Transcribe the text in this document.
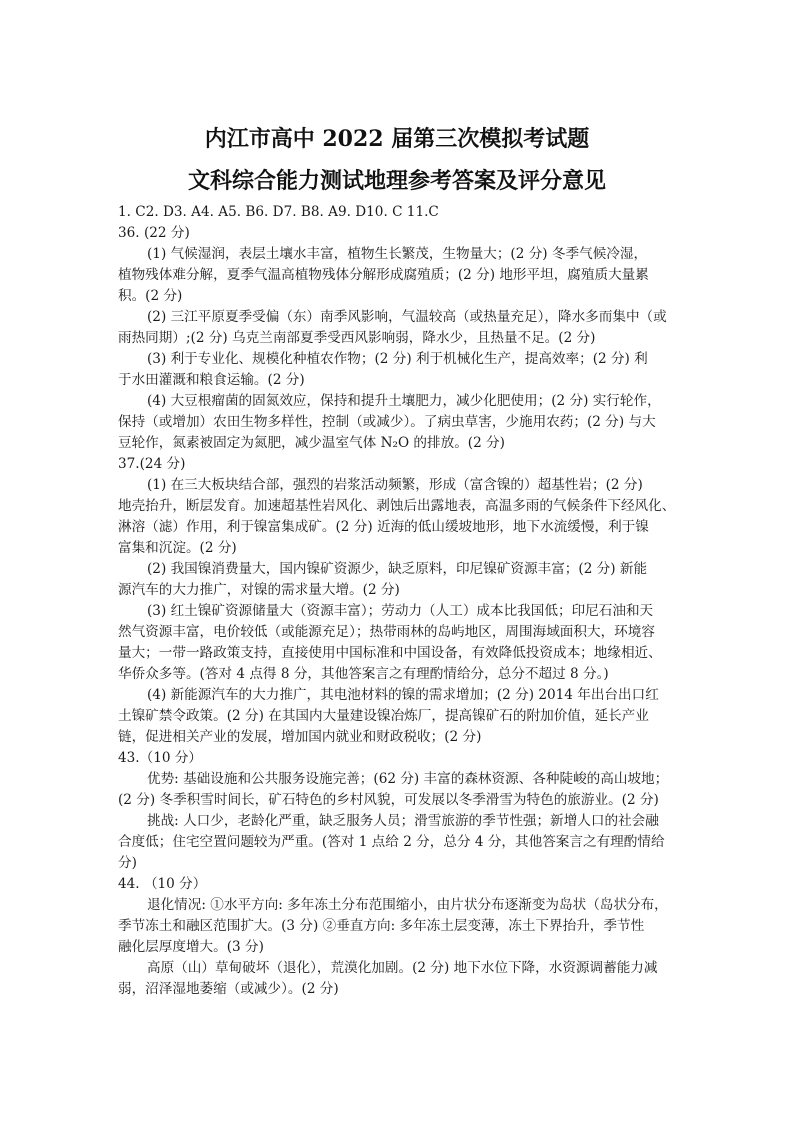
内江市高中 2022 届第三次模拟考试题
文科综合能力测试地理参考答案及评分意见
1. C2. D3. A4. A5. B6. D7. B8. A9. D10. C 11.C
36. (22 分)
(1) 气候湿润，表层土壤水丰富，植物生长繁茂，生物量大；(2 分) 冬季气候冷湿，
植物残体难分解，夏季气温高植物残体分解形成腐殖质；(2 分) 地形平坦，腐殖质大量累
积。(2 分)
(2) 三江平原夏季受偏（东）南季风影响，气温较高（或热量充足），降水多而集中（或
雨热同期）;(2 分) 乌克兰南部夏季受西风影响弱，降水少，且热量不足。(2 分)
(3) 利于专业化、规模化种植农作物；(2 分) 利于机械化生产，提高效率；(2 分) 利
于水田灌溉和粮食运输。(2 分)
(4) 大豆根瘤菌的固氮效应，保持和提升土壤肥力，减少化肥使用；(2 分) 实行轮作，
保持（或增加）农田生物多样性，控制（或减少）。了病虫草害，少施用农药；(2 分) 与大
豆轮作，氮素被固定为氮肥，减少温室气体 N₂O 的排放。(2 分)
37.(24 分)
(1) 在三大板块结合部，强烈的岩浆活动频繁，形成（富含镍的）超基性岩；(2 分)
地壳抬升，断层发育。加速超基性岩风化、剥蚀后出露地表，高温多雨的气候条件下经风化、
淋溶（滤）作用，利于镍富集成矿。(2 分) 近海的低山缓坡地形，地下水流缓慢，利于镍
富集和沉淀。(2 分)
(2) 我国镍消费量大，国内镍矿资源少，缺乏原料，印尼镍矿资源丰富；(2 分) 新能
源汽车的大力推广，对镍的需求量大增。(2 分)
(3) 红土镍矿资源储量大（资源丰富）；劳动力（人工）成本比我国低；印尼石油和天
然气资源丰富，电价较低（或能源充足）；热带雨林的岛屿地区，周围海域面积大，环境容
量大；一带一路政策支持，直接使用中国标准和中国设备，有效降低投资成本；地缘相近、
华侨众多等。(答对 4 点得 8 分，其他答案言之有理酌情给分，总分不超过 8 分。)
(4) 新能源汽车的大力推广，其电池材料的镍的需求增加；(2 分) 2014 年出台出口红
土镍矿禁令政策。(2 分) 在其国内大量建设镍冶炼厂，提高镍矿石的附加价值，延长产业
链，促进相关产业的发展，增加国内就业和财政税收；(2 分)
43.（10 分）
优势: 基础设施和公共服务设施完善；(62 分) 丰富的森林资源、各种陡峻的高山坡地；
(2 分) 冬季积雪时间长，矿石特色的乡村风貌，可发展以冬季滑雪为特色的旅游业。(2 分)
挑战: 人口少，老龄化严重，缺乏服务人员；滑雪旅游的季节性强；新增人口的社会融
合度低；住宅空置问题较为严重。(答对 1 点给 2 分，总分 4 分，其他答案言之有理酌情给
分)
44. （10 分）
退化情况: ①水平方向: 多年冻土分布范围缩小，由片状分布逐渐变为岛状（岛状分布，
季节冻土和融区范围扩大。(3 分) ②垂直方向: 多年冻土层变薄，冻土下界抬升，季节性
融化层厚度增大。(3 分)
高原（山）草甸破坏（退化），荒漠化加剧。(2 分) 地下水位下降，水资源调蓄能力减
弱，沼泽湿地萎缩（或减少）。(2 分)
